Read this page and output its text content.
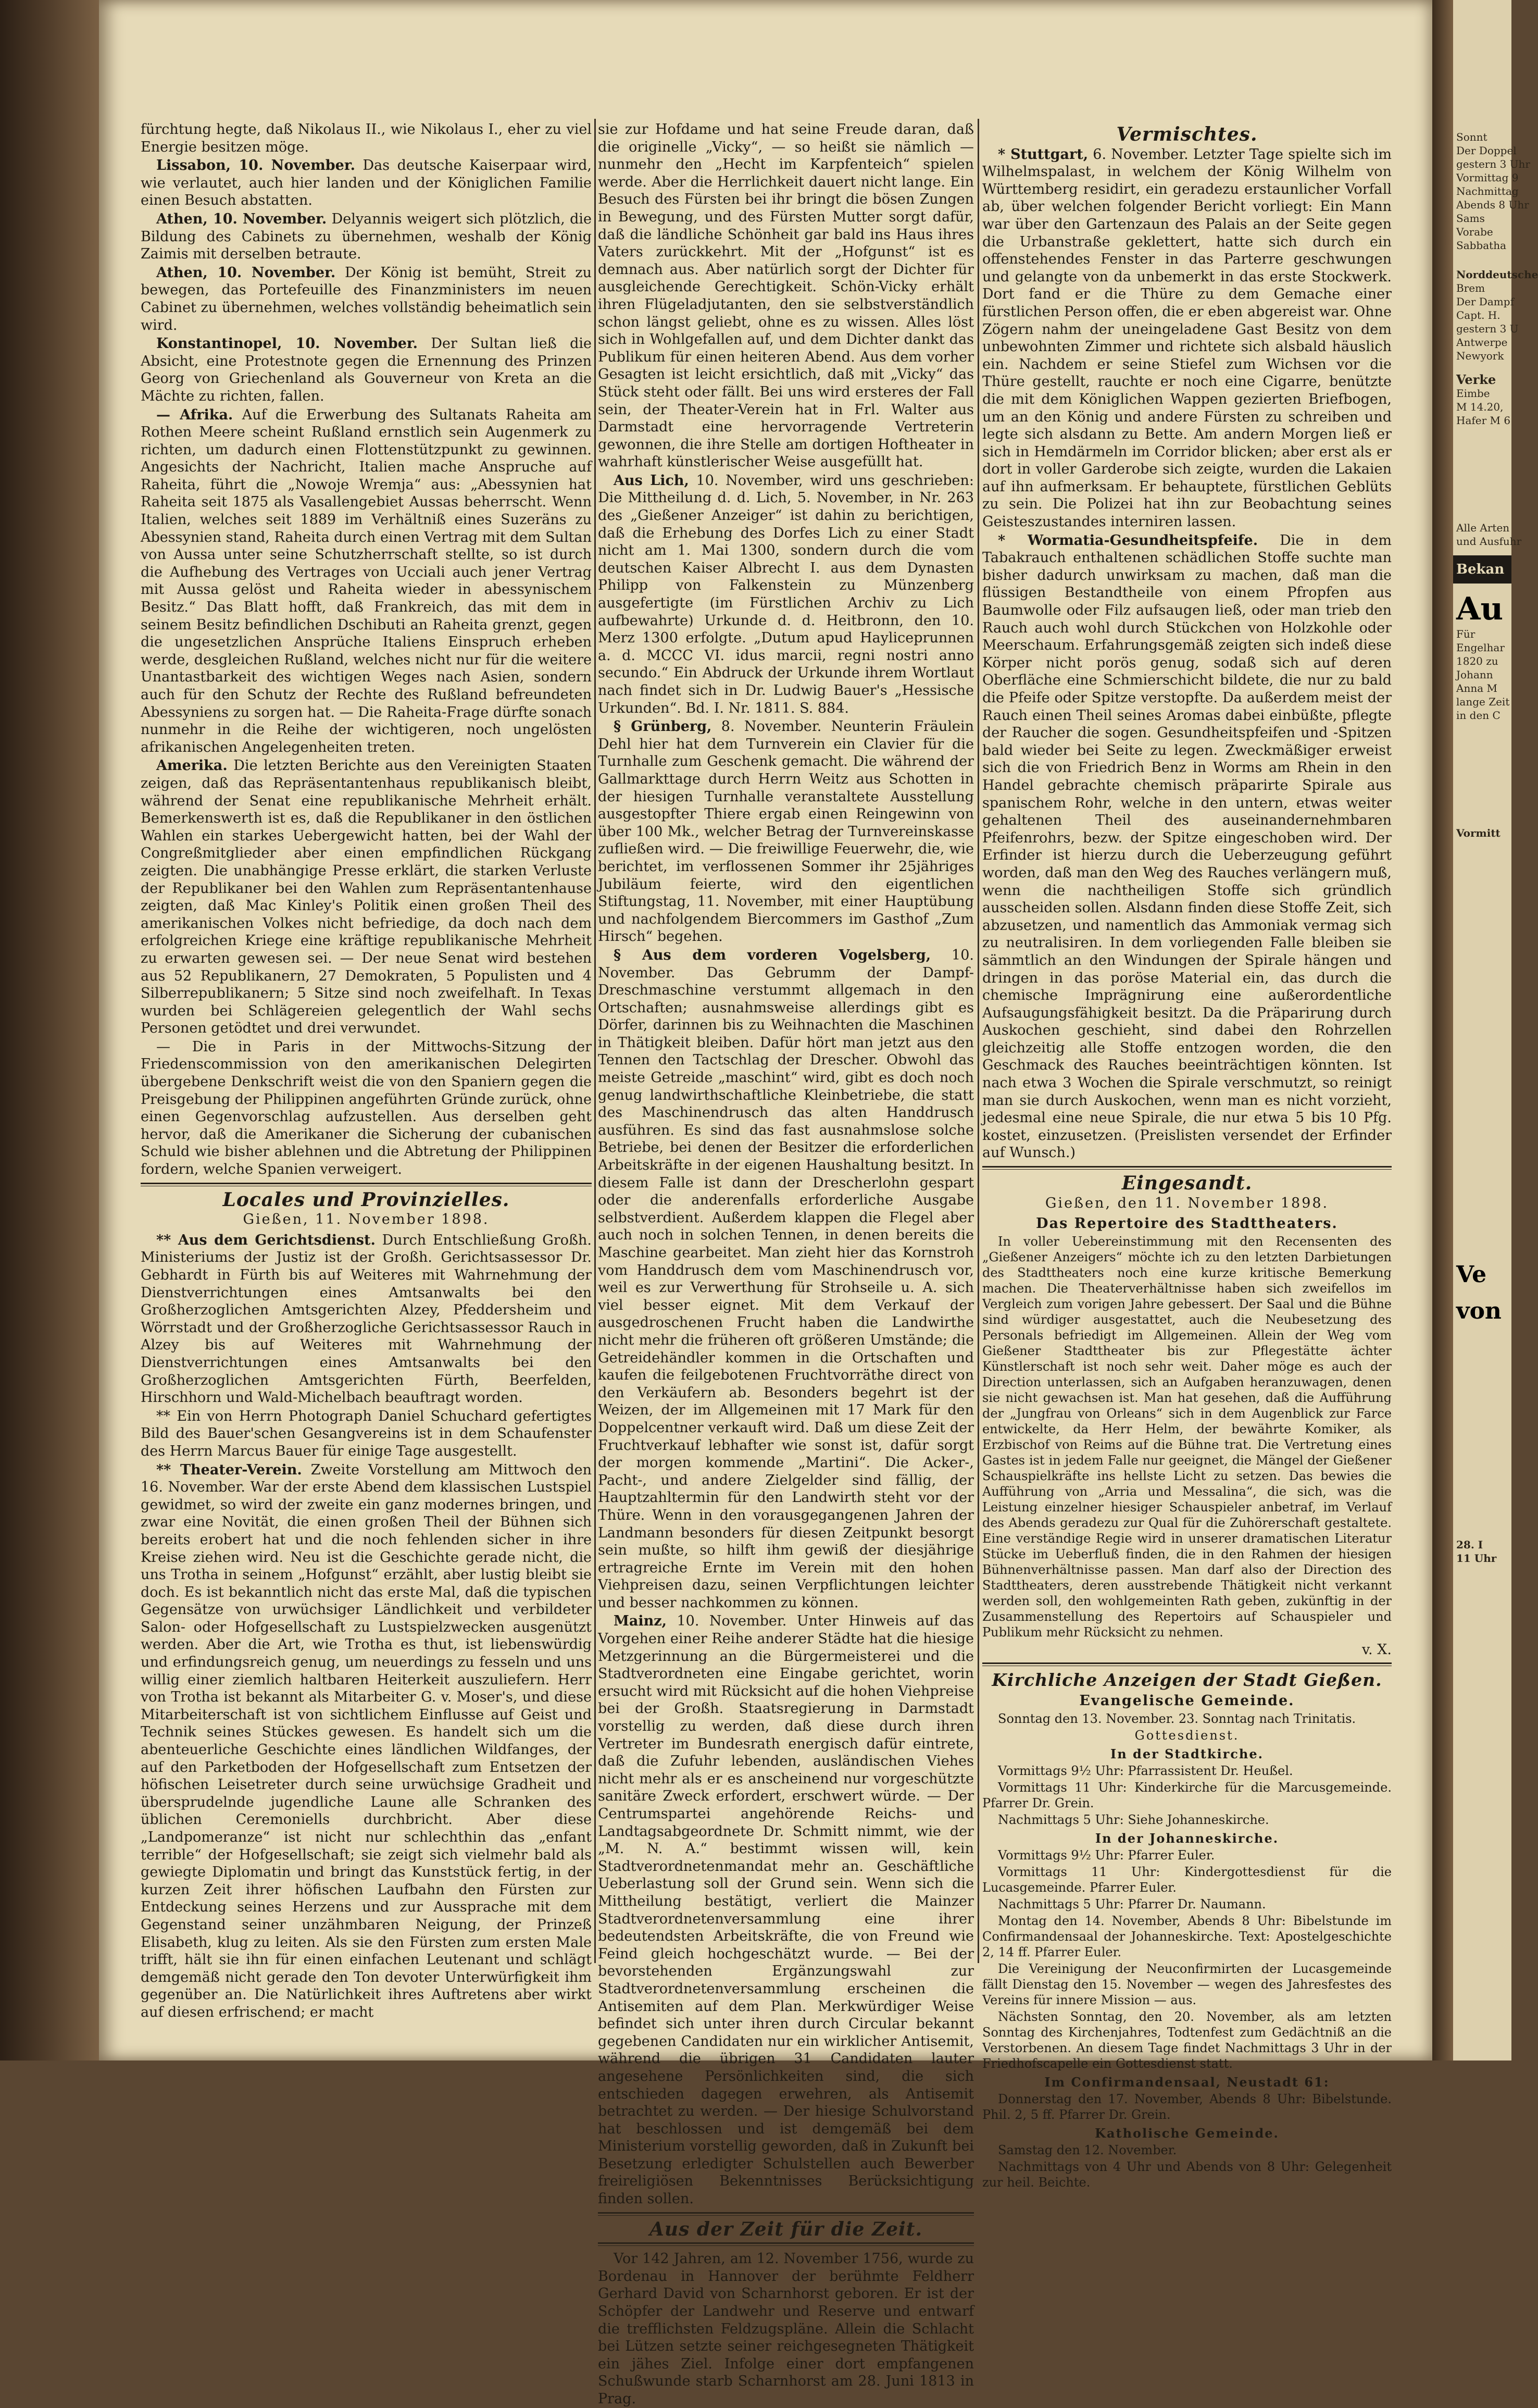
fürchtung hegte, daß Nikolaus II., wie Nikolaus I., eher zu viel Energie besitzen möge.

Lissabon, 10. November. Das deutsche Kaiserpaar wird, wie verlautet, auch hier landen und der Königlichen Familie einen Besuch abstatten.

Athen, 10. November. Delyannis weigert sich plötzlich, die Bildung des Cabinets zu übernehmen, weshalb der König Zaimis mit derselben betraute.

Athen, 10. November. Der König ist bemüht, Streit zu bewegen, das Portefeuille des Finanzministers im neuen Cabinet zu übernehmen, welches vollständig beheimatlich sein wird.

Konstantinopel, 10. November. Der Sultan ließ die Absicht, eine Protestnote gegen die Ernennung des Prinzen Georg von Griechenland als Gouverneur von Kreta an die Mächte zu richten, fallen.

— Afrika. Auf die Erwerbung des Sultanats Raheita am Rothen Meere scheint Rußland ernstlich sein Augenmerk zu richten, um dadurch einen Flottenstützpunkt zu gewinnen. Angesichts der Nachricht, Italien mache Anspruche auf Raheita, führt die „Nowoje Wremja“ aus: „Abessynien hat Raheita seit 1875 als Vasallengebiet Aussas beherrscht. Wenn Italien, welches seit 1889 im Verhältniß eines Suzeräns zu Abessynien stand, Raheita durch einen Vertrag mit dem Sultan von Aussa unter seine Schutzherrschaft stellte, so ist durch die Aufhebung des Vertrages von Ucciali auch jener Vertrag mit Aussa gelöst und Raheita wieder in abessynischem Besitz.“ Das Blatt hofft, daß Frankreich, das mit dem in seinem Besitz befindlichen Dschibuti an Raheita grenzt, gegen die ungesetzlichen Ansprüche Italiens Einspruch erheben werde, desgleichen Rußland, welches nicht nur für die weitere Unantastbarkeit des wichtigen Weges nach Asien, sondern auch für den Schutz der Rechte des Rußland befreundeten Abessyniens zu sorgen hat. — Die Raheita-Frage dürfte sonach nunmehr in die Reihe der wichtigeren, noch ungelösten afrikanischen Angelegenheiten treten.

Amerika. Die letzten Berichte aus den Vereinigten Staaten zeigen, daß das Repräsentantenhaus republikanisch bleibt, während der Senat eine republikanische Mehrheit erhält. Bemerkenswerth ist es, daß die Republikaner in den östlichen Wahlen ein starkes Uebergewicht hatten, bei der Wahl der Congreßmitglieder aber einen empfindlichen Rückgang zeigten. Die unabhängige Presse erklärt, die starken Verluste der Republikaner bei den Wahlen zum Repräsentantenhause zeigten, daß Mac Kinley's Politik einen großen Theil des amerikanischen Volkes nicht befriedige, da doch nach dem erfolgreichen Kriege eine kräftige republikanische Mehrheit zu erwarten gewesen sei. — Der neue Senat wird bestehen aus 52 Republikanern, 27 Demokraten, 5 Populisten und 4 Silberrepublikanern; 5 Sitze sind noch zweifelhaft. In Texas wurden bei Schlägereien gelegentlich der Wahl sechs Personen getödtet und drei verwundet.

— Die in Paris in der Mittwochs-Sitzung der Friedenscommission von den amerikanischen Delegirten übergebene Denkschrift weist die von den Spaniern gegen die Preisgebung der Philippinen angeführten Gründe zurück, ohne einen Gegenvorschlag aufzustellen. Aus derselben geht hervor, daß die Amerikaner die Sicherung der cubanischen Schuld wie bisher ablehnen und die Abtretung der Philippinen fordern, welche Spanien verweigert.

Locales und Provinzielles.
Gießen, 11. November 1898.

** Aus dem Gerichtsdienst. Durch Entschließung Großh. Ministeriums der Justiz ist der Großh. Gerichtsassessor Dr. Gebhardt in Fürth bis auf Weiteres mit Wahrnehmung der Dienstverrichtungen eines Amtsanwalts bei den Großherzoglichen Amtsgerichten Alzey, Pfeddersheim und Wörrstadt und der Großherzogliche Gerichtsassessor Rauch in Alzey bis auf Weiteres mit Wahrnehmung der Dienstverrichtungen eines Amtsanwalts bei den Großherzoglichen Amtsgerichten Fürth, Beerfelden, Hirschhorn und Wald-Michelbach beauftragt worden.

** Ein von Herrn Photograph Daniel Schuchard gefertigtes Bild des Bauer'schen Gesangvereins ist in dem Schaufenster des Herrn Marcus Bauer für einige Tage ausgestellt.

** Theater-Verein. Zweite Vorstellung am Mittwoch den 16. November. War der erste Abend dem klassischen Lustspiel gewidmet, so wird der zweite ein ganz modernes bringen, und zwar eine Novität, die einen großen Theil der Bühnen sich bereits erobert hat und die noch fehlenden sicher in ihre Kreise ziehen wird. Neu ist die Geschichte gerade nicht, die uns Trotha in seinem „Hofgunst“ erzählt, aber lustig bleibt sie doch. Es ist bekanntlich nicht das erste Mal, daß die typischen Gegensätze von urwüchsiger Ländlichkeit und verbildeter Salon- oder Hofgesellschaft zu Lustspielzwecken ausgenützt werden. Aber die Art, wie Trotha es thut, ist liebenswürdig und erfindungsreich genug, um neuerdings zu fesseln und uns willig einer ziemlich haltbaren Heiterkeit auszuliefern. Herr von Trotha ist bekannt als Mitarbeiter G. v. Moser's, und diese Mitarbeiterschaft ist von sichtlichem Einflusse auf Geist und Technik seines Stückes gewesen. Es handelt sich um die abenteuerliche Geschichte eines ländlichen Wildfanges, der auf den Parketboden der Hofgesellschaft zum Entsetzen der höfischen Leisetreter durch seine urwüchsige Gradheit und übersprudelnde jugendliche Laune alle Schranken des üblichen Ceremoniells durchbricht. Aber diese „Landpomeranze“ ist nicht nur schlechthin das „enfant terrible“ der Hofgesellschaft; sie zeigt sich vielmehr bald als gewiegte Diplomatin und bringt das Kunststück fertig, in der kurzen Zeit ihrer höfischen Laufbahn den Fürsten zur Entdeckung seines Herzens und zur Aussprache mit dem Gegenstand seiner unzähmbaren Neigung, der Prinzeß Elisabeth, klug zu leiten. Als sie den Fürsten zum ersten Male trifft, hält sie ihn für einen einfachen Leutenant und schlägt demgemäß nicht gerade den Ton devoter Unterwürfigkeit ihm gegenüber an. Die Natürlichkeit ihres Auftretens aber wirkt auf diesen erfrischend; er macht

sie zur Hofdame und hat seine Freude daran, daß die originelle „Vicky“, — so heißt sie nämlich — nunmehr den „Hecht im Karpfenteich“ spielen werde. Aber die Herrlichkeit dauert nicht lange. Ein Besuch des Fürsten bei ihr bringt die bösen Zungen in Bewegung, und des Fürsten Mutter sorgt dafür, daß die ländliche Schönheit gar bald ins Haus ihres Vaters zurückkehrt. Mit der „Hofgunst“ ist es demnach aus. Aber natürlich sorgt der Dichter für ausgleichende Gerechtigkeit. Schön-Vicky erhält ihren Flügeladjutanten, den sie selbstverständlich schon längst geliebt, ohne es zu wissen. Alles löst sich in Wohlgefallen auf, und dem Dichter dankt das Publikum für einen heiteren Abend. Aus dem vorher Gesagten ist leicht ersichtlich, daß mit „Vicky“ das Stück steht oder fällt. Bei uns wird ersteres der Fall sein, der Theater-Verein hat in Frl. Walter aus Darmstadt eine hervorragende Vertreterin gewonnen, die ihre Stelle am dortigen Hoftheater in wahrhaft künstlerischer Weise ausgefüllt hat.

Aus Lich, 10. November, wird uns geschrieben: Die Mittheilung d. d. Lich, 5. November, in Nr. 263 des „Gießener Anzeiger“ ist dahin zu berichtigen, daß die Erhebung des Dorfes Lich zu einer Stadt nicht am 1. Mai 1300, sondern durch die vom deutschen Kaiser Albrecht I. aus dem Dynasten Philipp von Falkenstein zu Münzenberg ausgefertigte (im Fürstlichen Archiv zu Lich aufbewahrte) Urkunde d. d. Heitbronn, den 10. Merz 1300 erfolgte. „Dutum apud Hayliceprunnen a. d. MCCC VI. idus marcii, regni nostri anno secundo.“ Ein Abdruck der Urkunde ihrem Wortlaut nach findet sich in Dr. Ludwig Bauer's „Hessische Urkunden“. Bd. I. Nr. 1811. S. 884.

§ Grünberg, 8. November. Neunterin Fräulein Dehl hier hat dem Turnverein ein Clavier für die Turnhalle zum Geschenk gemacht. Die während der Gallmarkttage durch Herrn Weitz aus Schotten in der hiesigen Turnhalle veranstaltete Ausstellung ausgestopfter Thiere ergab einen Reingewinn von über 100 Mk., welcher Betrag der Turnvereinskasse zufließen wird. — Die freiwillige Feuerwehr, die, wie berichtet, im verflossenen Sommer ihr 25jähriges Jubiläum feierte, wird den eigentlichen Stiftungstag, 11. November, mit einer Hauptübung und nachfolgendem Biercommers im Gasthof „Zum Hirsch“ begehen.

§ Aus dem vorderen Vogelsberg, 10. November. Das Gebrumm der Dampf-Dreschmaschine verstummt allgemach in den Ortschaften; ausnahmsweise allerdings gibt es Dörfer, darinnen bis zu Weihnachten die Maschinen in Thätigkeit bleiben. Dafür hört man jetzt aus den Tennen den Tactschlag der Drescher. Obwohl das meiste Getreide „maschint“ wird, gibt es doch noch genug landwirthschaftliche Kleinbetriebe, die statt des Maschinendrusch das alten Handdrusch ausführen. Es sind das fast ausnahmslose solche Betriebe, bei denen der Besitzer die erforderlichen Arbeitskräfte in der eigenen Haushaltung besitzt. In diesem Falle ist dann der Drescherlohn gespart oder die anderenfalls erforderliche Ausgabe selbstverdient. Außerdem klappen die Flegel aber auch noch in solchen Tennen, in denen bereits die Maschine gearbeitet. Man zieht hier das Kornstroh vom Handdrusch dem vom Maschinendrusch vor, weil es zur Verwerthung für Strohseile u. A. sich viel besser eignet. Mit dem Verkauf der ausgedroschenen Frucht haben die Landwirthe nicht mehr die früheren oft größeren Umstände; die Getreidehändler kommen in die Ortschaften und kaufen die feilgebotenen Fruchtvorräthe direct von den Verkäufern ab. Besonders begehrt ist der Weizen, der im Allgemeinen mit 17 Mark für den Doppelcentner verkauft wird. Daß um diese Zeit der Fruchtverkauf lebhafter wie sonst ist, dafür sorgt der morgen kommende „Martini“. Die Acker-, Pacht-, und andere Zielgelder sind fällig, der Hauptzahltermin für den Landwirth steht vor der Thüre. Wenn in den vorausgegangenen Jahren der Landmann besonders für diesen Zeitpunkt besorgt sein mußte, so hilft ihm gewiß der diesjährige ertragreiche Ernte im Verein mit den hohen Viehpreisen dazu, seinen Verpflichtungen leichter und besser nachkommen zu können.

Mainz, 10. November. Unter Hinweis auf das Vorgehen einer Reihe anderer Städte hat die hiesige Metzgerinnung an die Bürgermeisterei und die Stadtverordneten eine Eingabe gerichtet, worin ersucht wird mit Rücksicht auf die hohen Viehpreise bei der Großh. Staatsregierung in Darmstadt vorstellig zu werden, daß diese durch ihren Vertreter im Bundesrath energisch dafür eintrete, daß die Zufuhr lebenden, ausländischen Viehes nicht mehr als er es anscheinend nur vorgeschützte sanitäre Zweck erfordert, erschwert würde. — Der Centrumspartei angehörende Reichs- und Landtagsabgeordnete Dr. Schmitt nimmt, wie der „M. N. A.“ bestimmt wissen will, kein Stadtverordnetenmandat mehr an. Geschäftliche Ueberlastung soll der Grund sein. Wenn sich die Mittheilung bestätigt, verliert die Mainzer Stadtverordnetenversammlung eine ihrer bedeutendsten Arbeitskräfte, die von Freund wie Feind gleich hochgeschätzt wurde. — Bei der bevorstehenden Ergänzungswahl zur Stadtverordnetenversammlung erscheinen die Antisemiten auf dem Plan. Merkwürdiger Weise befindet sich unter ihren durch Circular bekannt gegebenen Candidaten nur ein wirklicher Antisemit, während die übrigen 31 Candidaten lauter angesehene Persönlichkeiten sind, die sich entschieden dagegen erwehren, als Antisemit betrachtet zu werden. — Der hiesige Schulvorstand hat beschlossen und ist demgemäß bei dem Ministerium vorstellig geworden, daß in Zukunft bei Besetzung erledigter Schulstellen auch Bewerber freireligiösen Bekenntnisses Berücksichtigung finden sollen.

Aus der Zeit für die Zeit.

Vor 142 Jahren, am 12. November 1756, wurde zu Bordenau in Hannover der berühmte Feldherr Gerhard David von Scharnhorst geboren. Er ist der Schöpfer der Landwehr und Reserve und entwarf die trefflichsten Feldzugspläne. Allein die Schlacht bei Lützen setzte seiner reichgesegneten Thätigkeit ein jähes Ziel. Infolge einer dort empfangenen Schußwunde starb Scharnhorst am 28. Juni 1813 in Prag.

Vermischtes.

* Stuttgart, 6. November. Letzter Tage spielte sich im Wilhelmspalast, in welchem der König Wilhelm von Württemberg residirt, ein geradezu erstaunlicher Vorfall ab, über welchen folgender Bericht vorliegt: Ein Mann war über den Gartenzaun des Palais an der Seite gegen die Urbanstraße geklettert, hatte sich durch ein offenstehendes Fenster in das Parterre geschwungen und gelangte von da unbemerkt in das erste Stockwerk. Dort fand er die Thüre zu dem Gemache einer fürstlichen Person offen, die er eben abgereist war. Ohne Zögern nahm der uneingeladene Gast Besitz von dem unbewohnten Zimmer und richtete sich alsbald häuslich ein. Nachdem er seine Stiefel zum Wichsen vor die Thüre gestellt, rauchte er noch eine Cigarre, benützte die mit dem Königlichen Wappen gezierten Briefbogen, um an den König und andere Fürsten zu schreiben und legte sich alsdann zu Bette. Am andern Morgen ließ er sich in Hemdärmeln im Corridor blicken; aber erst als er dort in voller Garderobe sich zeigte, wurden die Lakaien auf ihn aufmerksam. Er behauptete, fürstlichen Geblüts zu sein. Die Polizei hat ihn zur Beobachtung seines Geisteszustandes interniren lassen.

* Wormatia-Gesundheitspfeife. Die in dem Tabakrauch enthaltenen schädlichen Stoffe suchte man bisher dadurch unwirksam zu machen, daß man die flüssigen Bestandtheile von einem Pfropfen aus Baumwolle oder Filz aufsaugen ließ, oder man trieb den Rauch auch wohl durch Stückchen von Holzkohle oder Meerschaum. Erfahrungsgemäß zeigten sich indeß diese Körper nicht porös genug, sodaß sich auf deren Oberfläche eine Schmierschicht bildete, die nur zu bald die Pfeife oder Spitze verstopfte. Da außerdem meist der Rauch einen Theil seines Aromas dabei einbüßte, pflegte der Raucher die sogen. Gesundheitspfeifen und -Spitzen bald wieder bei Seite zu legen. Zweckmäßiger erweist sich die von Friedrich Benz in Worms am Rhein in den Handel gebrachte chemisch präparirte Spirale aus spanischem Rohr, welche in den untern, etwas weiter gehaltenen Theil des auseinandernehmbaren Pfeifenrohrs, bezw. der Spitze eingeschoben wird. Der Erfinder ist hierzu durch die Ueberzeugung geführt worden, daß man den Weg des Rauches verlängern muß, wenn die nachtheiligen Stoffe sich gründlich ausscheiden sollen. Alsdann finden diese Stoffe Zeit, sich abzusetzen, und namentlich das Ammoniak vermag sich zu neutralisiren. In dem vorliegenden Falle bleiben sie sämmtlich an den Windungen der Spirale hängen und dringen in das poröse Material ein, das durch die chemische Imprägnirung eine außerordentliche Aufsaugungsfähigkeit besitzt. Da die Präparirung durch Auskochen geschieht, sind dabei den Rohrzellen gleichzeitig alle Stoffe entzogen worden, die den Geschmack des Rauches beeinträchtigen könnten. Ist nach etwa 3 Wochen die Spirale verschmutzt, so reinigt man sie durch Auskochen, wenn man es nicht vorzieht, jedesmal eine neue Spirale, die nur etwa 5 bis 10 Pfg. kostet, einzusetzen. (Preislisten versendet der Erfinder auf Wunsch.)

Eingesandt.
Gießen, den 11. November 1898.
Das Repertoire des Stadttheaters.

In voller Uebereinstimmung mit den Recensenten des „Gießener Anzeigers“ möchte ich zu den letzten Darbietungen des Stadttheaters noch eine kurze kritische Bemerkung machen. Die Theaterverhältnisse haben sich zweifellos im Vergleich zum vorigen Jahre gebessert. Der Saal und die Bühne sind würdiger ausgestattet, auch die Neubesetzung des Personals befriedigt im Allgemeinen. Allein der Weg vom Gießener Stadttheater bis zur Pflegestätte ächter Künstlerschaft ist noch sehr weit. Daher möge es auch der Direction unterlassen, sich an Aufgaben heranzuwagen, denen sie nicht gewachsen ist. Man hat gesehen, daß die Aufführung der „Jungfrau von Orleans“ sich in dem Augenblick zur Farce entwickelte, da Herr Helm, der bewährte Komiker, als Erzbischof von Reims auf die Bühne trat. Die Vertretung eines Gastes ist in jedem Falle nur geeignet, die Mängel der Gießener Schauspielkräfte ins hellste Licht zu setzen. Das bewies die Aufführung von „Arria und Messalina“, die sich, was die Leistung einzelner hiesiger Schauspieler anbetraf, im Verlauf des Abends geradezu zur Qual für die Zuhörerschaft gestaltete. Eine verständige Regie wird in unserer dramatischen Literatur Stücke im Ueberfluß finden, die in den Rahmen der hiesigen Bühnenverhältnisse passen. Man darf also der Direction des Stadttheaters, deren ausstrebende Thätigkeit nicht verkannt werden soll, den wohlgemeinten Rath geben, zukünftig in der Zusammenstellung des Repertoirs auf Schauspieler und Publikum mehr Rücksicht zu nehmen.

v. X.
Kirchliche Anzeigen der Stadt Gießen.
Evangelische Gemeinde.

Sonntag den 13. November. 23. Sonntag nach Trinitatis.

Gottesdienst.
In der Stadtkirche.

Vormittags 9½ Uhr: Pfarrassistent Dr. Heußel.

Vormittags 11 Uhr: Kinderkirche für die Marcusgemeinde. Pfarrer Dr. Grein.

Nachmittags 5 Uhr: Siehe Johanneskirche.

In der Johanneskirche.

Vormittags 9½ Uhr: Pfarrer Euler.

Vormittags 11 Uhr: Kindergottesdienst für die Lucasgemeinde. Pfarrer Euler.

Nachmittags 5 Uhr: Pfarrer Dr. Naumann.

Montag den 14. November, Abends 8 Uhr: Bibelstunde im Confirmandensaal der Johanneskirche. Text: Apostelgeschichte 2, 14 ff. Pfarrer Euler.

Die Vereinigung der Neuconfirmirten der Lucasgemeinde fällt Dienstag den 15. November — wegen des Jahresfestes des Vereins für innere Mission — aus.

Nächsten Sonntag, den 20. November, als am letzten Sonntag des Kirchenjahres, Todtenfest zum Gedächtniß an die Verstorbenen. An diesem Tage findet Nachmittags 3 Uhr in der Friedhofscapelle ein Gottesdienst statt.

Im Confirmandensaal, Neustadt 61:

Donnerstag den 17. November, Abends 8 Uhr: Bibelstunde. Phil. 2, 5 ff. Pfarrer Dr. Grein.

Katholische Gemeinde.

Samstag den 12. November.

Nachmittags von 4 Uhr und Abends von 8 Uhr: Gelegenheit zur heil. Beichte.

Sonnt
Der Doppel
gestern 3 Uhr
Vormittag 9
Nachmittag
Abends 8 Uhr
Sams
Vorabe
Sabbatha
Norddeutsche
Brem
Der Dampf
Capt. H.
gestern 3 U
Antwerpe
Newyork
Verke
Eimbe
M 14.20,
Hafer M 6
Alle Arten
und Ausfuhr
Bekan
Au
Für
Engelhar
1820 zu
Johann
Anna M
lange Zeit
in den C
Vormitt
Ve
von
28. I
11 Uhr
